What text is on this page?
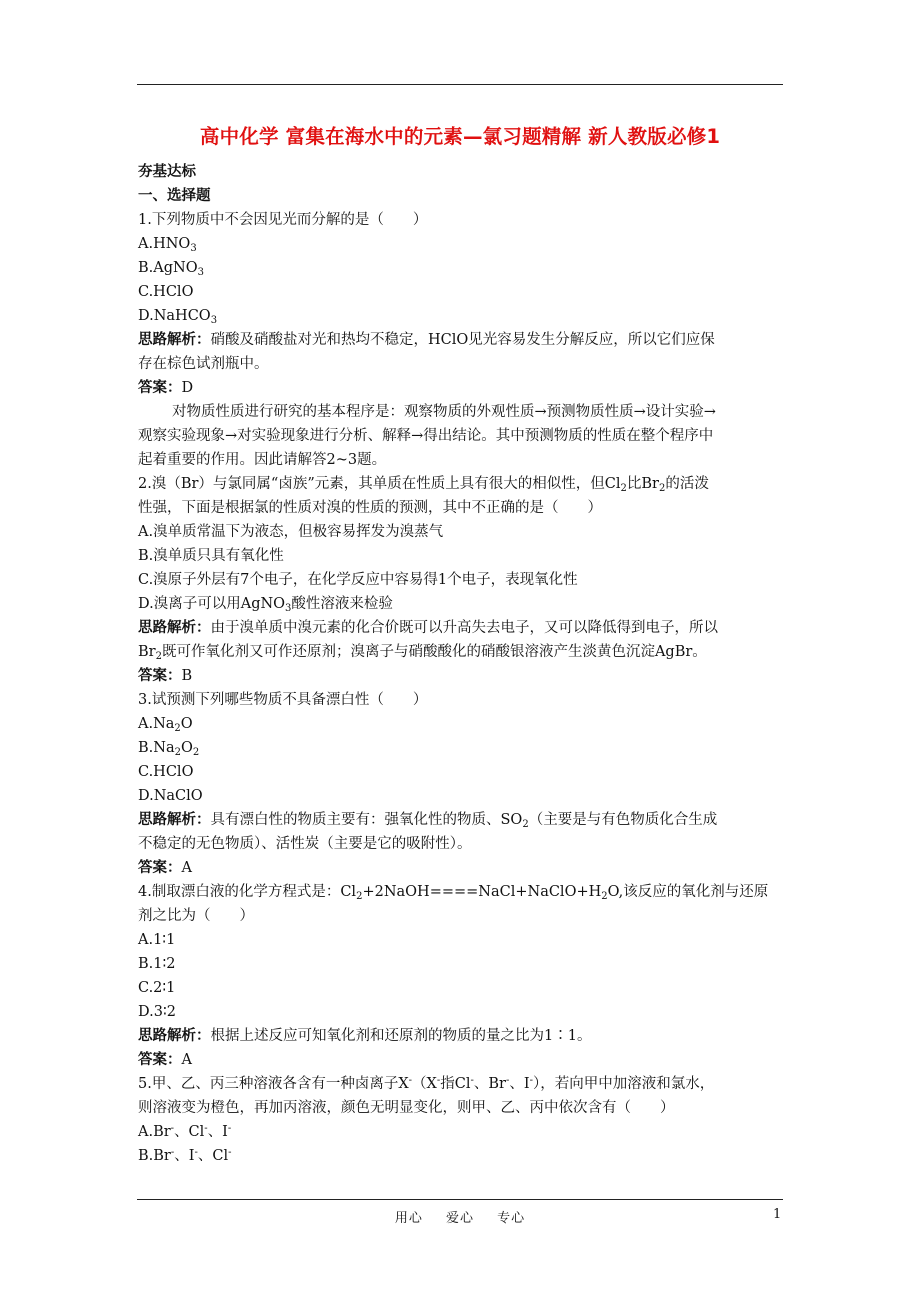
高中化学 富集在海水中的元素—氯习题精解 新人教版必修1
夯基达标
一、选择题
1.下列物质中不会因见光而分解的是（　　）
$A.HNO_3$
B.AgNO$_3$
C.HClO
D.NaHCO$_3$
思路解析：硝酸及硝酸盐对光和热均不稳定，HClO见光容易发生分解反应，所以它们应保
存在棕色试剂瓶中。
答案：D
对物质性质进行研究的基本程序是：观察物质的外观性质→预测物质性质→设计实验→
观察实验现象→对实验现象进行分析、解释→得出结论。其中预测物质的性质在整个程序中
起着重要的作用。因此请解答2~3题。
2.溴（Br）与氯同属“卤族”元素，其单质在性质上具有很大的相似性，但$Cl_2$比$Br_2$的活泼
性强，下面是根据氯的性质对溴的性质的预测，其中不正确的是（　　）
A.溴单质常温下为液态，但极容易挥发为溴蒸气
B.溴单质只具有氧化性
C.溴原子外层有7个电子，在化学反应中容易得1个电子，表现氧化性
D.溴离子可以用AgNO$_3$酸性溶液来检验
思路解析：由于溴单质中溴元素的化合价既可以升高失去电子，又可以降低得到电子，所以
$Br_2$既可作氧化剂又可作还原剂；溴离子与硝酸酸化的硝酸银溶液产生淡黄色沉淀AgBr。
答案：B
3.试预测下列哪些物质不具备漂白性（　　）
$A.Na_2O$
$B.Na_2O_2$
C.HClO
D.NaClO
思路解析：具有漂白性的物质主要有：强氧化性的物质、$SO_2$（主要是与有色物质化合生成
不稳定的无色物质）、活性炭（主要是它的吸附性）。
答案：A
4.制取漂白液的化学方程式是：$Cl_2+2NaOH====NaCl+NaClO+H_2O$,该反应的氧化剂与还原
剂之比为（　　）
A.1∶1
B.1∶2
C.2∶1
D.3∶2
思路解析：根据上述反应可知氧化剂和还原剂的物质的量之比为1∶1。
答案：A
5.甲、乙、丙三种溶液各含有一种卤离子X-（X-指Cl-、Br-、I-），若向甲中加溶液和氯水，
则溶液变为橙色，再加丙溶液，颜色无明显变化，则甲、乙、丙中依次含有（　　）
A.Br-、Cl-、I-
B.Br-、I-、Cl-
用心 爱心 专心	1
